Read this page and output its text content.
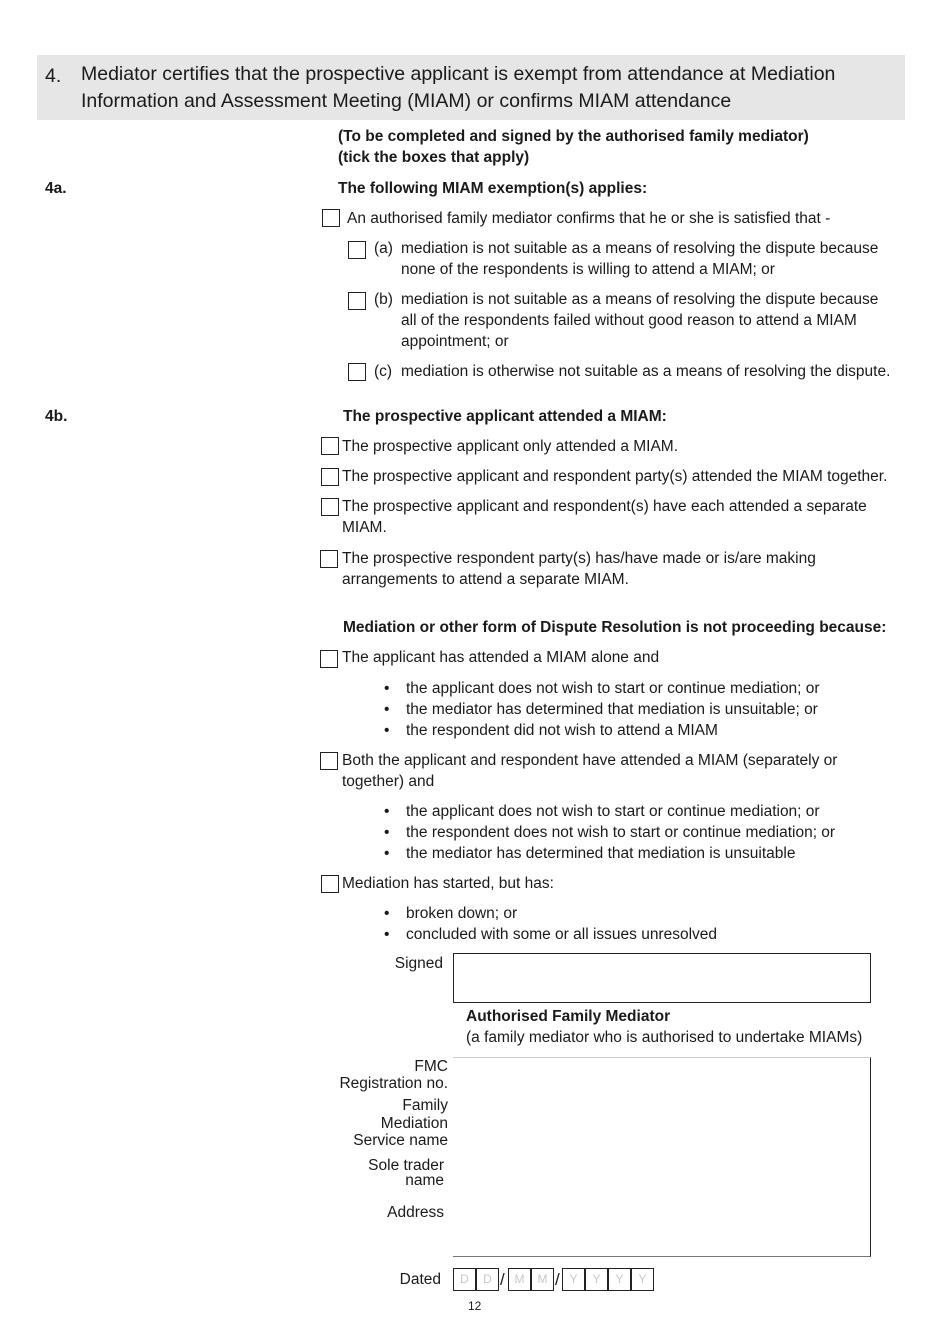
4. Mediator certifies that the prospective applicant is exempt from attendance at Mediation Information and Assessment Meeting (MIAM) or confirms MIAM attendance
(To be completed and signed by the authorised family mediator)
(tick the boxes that apply)
4a.	The following MIAM exemption(s) applies:
An authorised family mediator confirms that he or she is satisfied that -
(a) mediation is not suitable as a means of resolving the dispute because
none of the respondents is willing to attend a MIAM; or
(b) mediation is not suitable as a means of resolving the dispute because
all of the respondents failed without good reason to attend a MIAM
appointment; or
(c) mediation is otherwise not suitable as a means of resolving the dispute.
4b.	The prospective applicant attended a MIAM:
The prospective applicant only attended a MIAM.
The prospective applicant and respondent party(s) attended the MIAM together.
The prospective applicant and respondent(s) have each attended a separate
MIAM.
The prospective respondent party(s) has/have made or is/are making
arrangements to attend a separate MIAM.
Mediation or other form of Dispute Resolution is not proceeding because:
The applicant has attended a MIAM alone and
• the applicant does not wish to start or continue mediation; or
• the mediator has determined that mediation is unsuitable; or
• the respondent did not wish to attend a MIAM
Both the applicant and respondent have attended a MIAM (separately or
together) and
• the applicant does not wish to start or continue mediation; or
• the respondent does not wish to start or continue mediation; or
• the mediator has determined that mediation is unsuitable
Mediation has started, but has:
• broken down; or
• concluded with some or all issues unresolved
Signed
Authorised Family Mediator
(a family mediator who is authorised to undertake MIAMs)
FMC
Registration no.
Family
Mediation
Service name
Sole trader
name
Address
Dated	D	D / M	M / Y	Y	Y	Y
12
